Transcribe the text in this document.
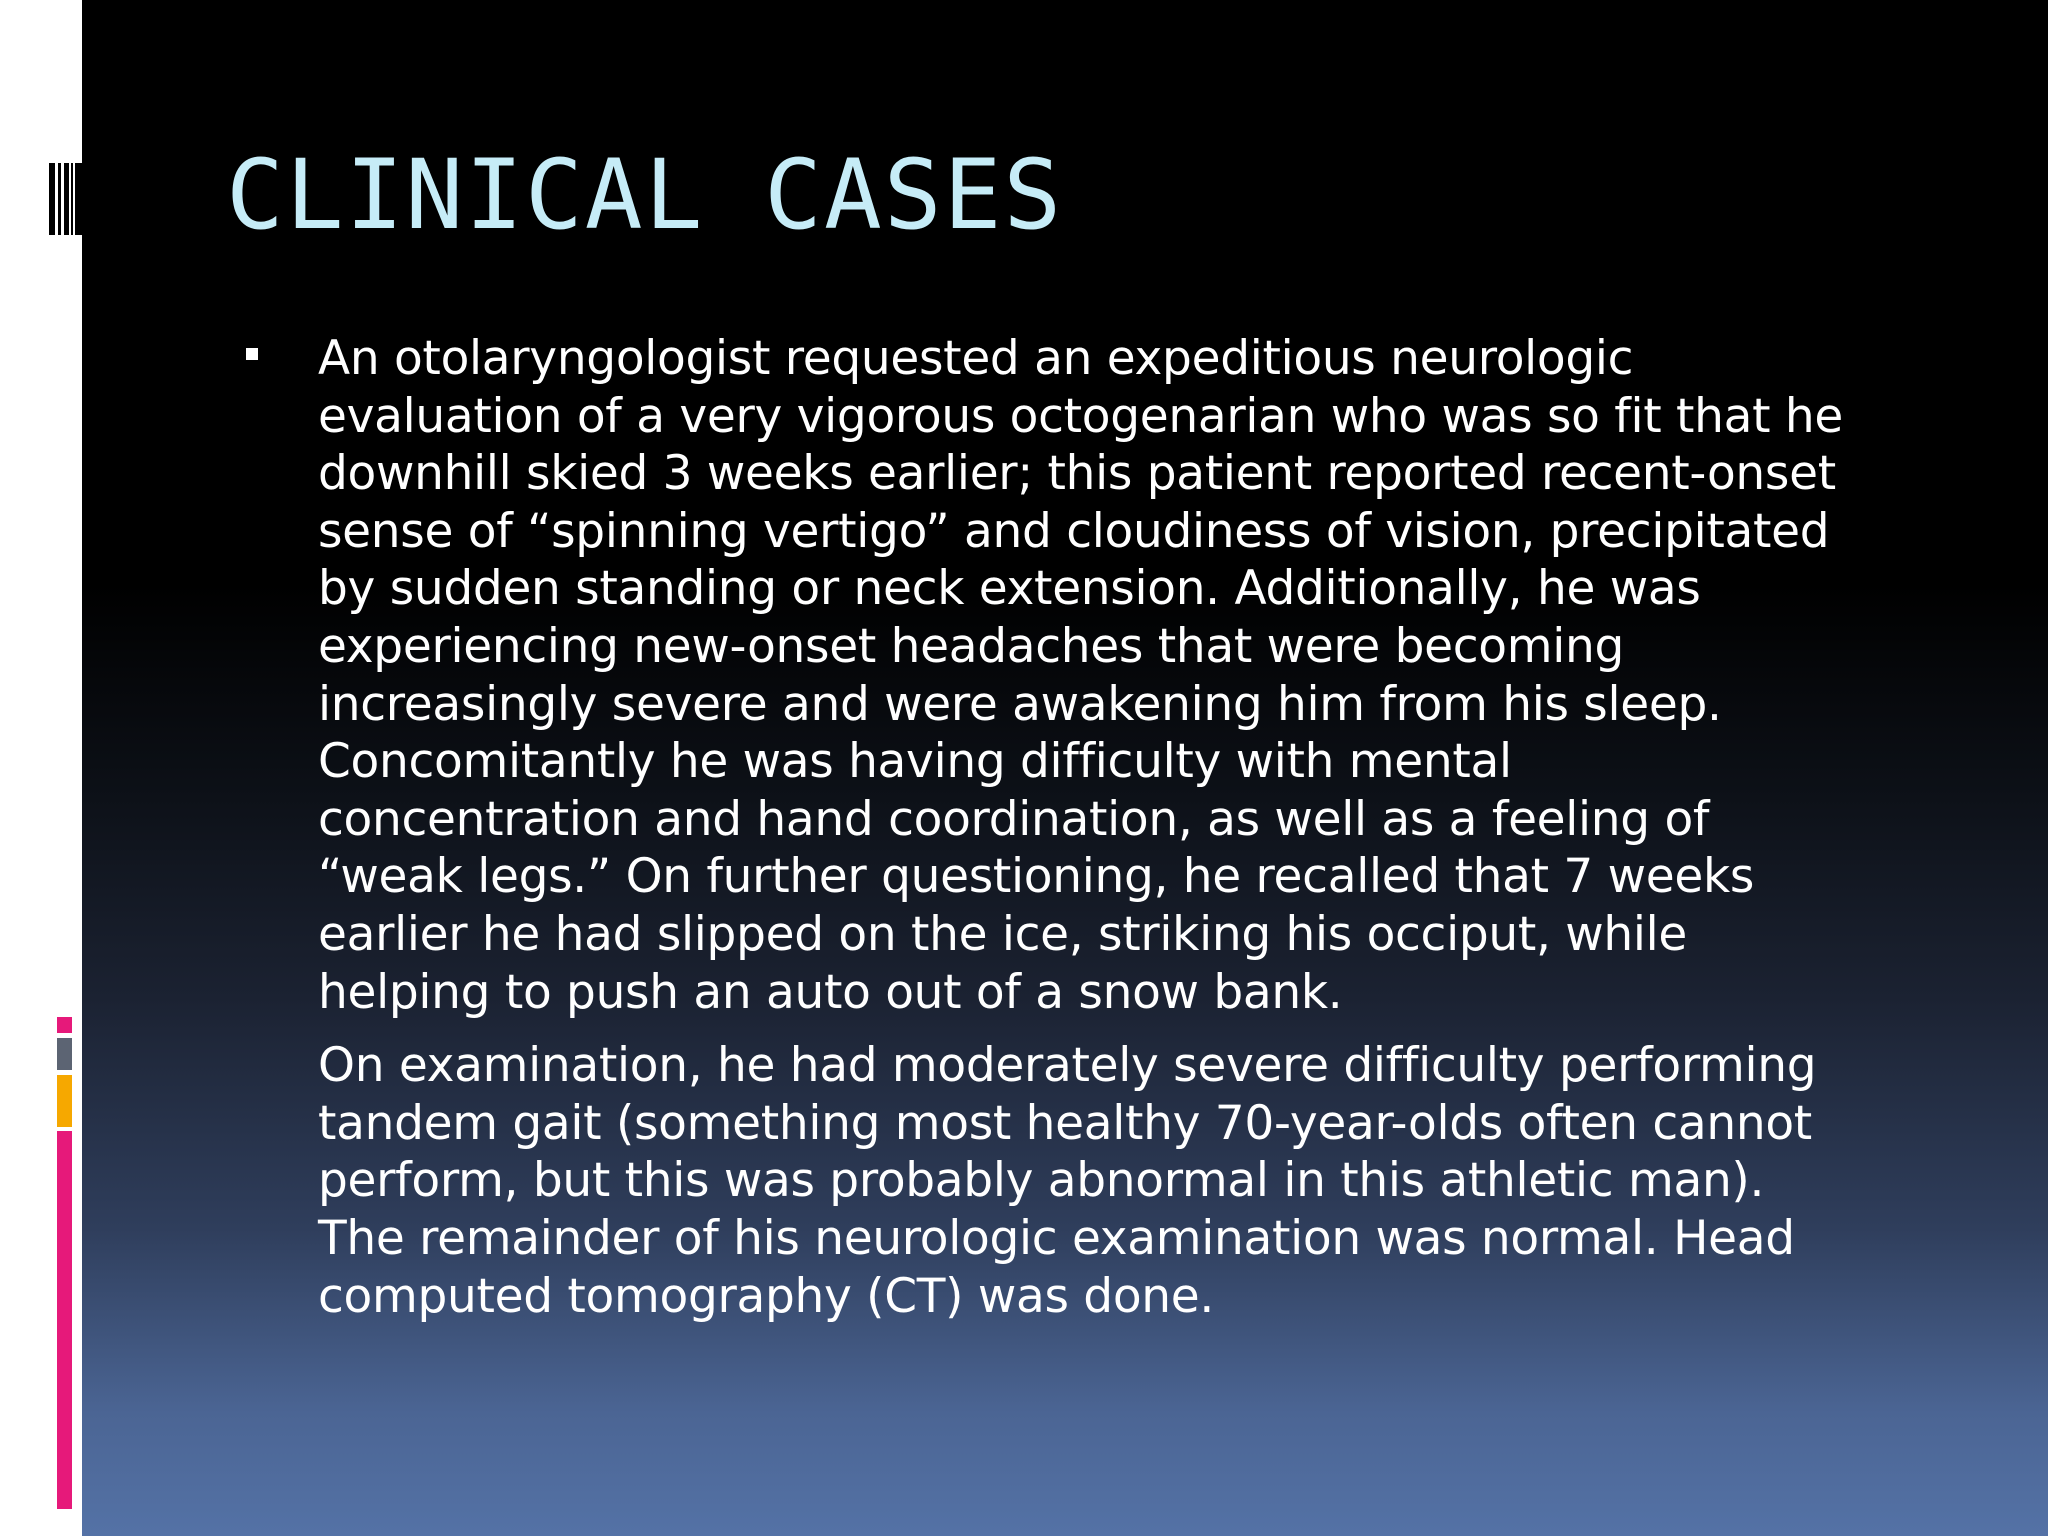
CLINICAL CASES

An otolaryngologist requested an expeditious neurologic
evaluation of a very vigorous octogenarian who was so fit that he
downhill skied 3 weeks earlier; this patient reported recent-onset
sense of “spinning vertigo” and cloudiness of vision, precipitated
by sudden standing or neck extension. Additionally, he was
experiencing new-onset headaches that were becoming
increasingly severe and were awakening him from his sleep.
Concomitantly he was having difficulty with mental
concentration and hand coordination, as well as a feeling of
“weak legs.” On further questioning, he recalled that 7 weeks
earlier he had slipped on the ice, striking his occiput, while
helping to push an auto out of a snow bank.

On examination, he had moderately severe difficulty performing
tandem gait (something most healthy 70-year-olds often cannot
perform, but this was probably abnormal in this athletic man).
The remainder of his neurologic examination was normal. Head
computed tomography (CT) was done.
